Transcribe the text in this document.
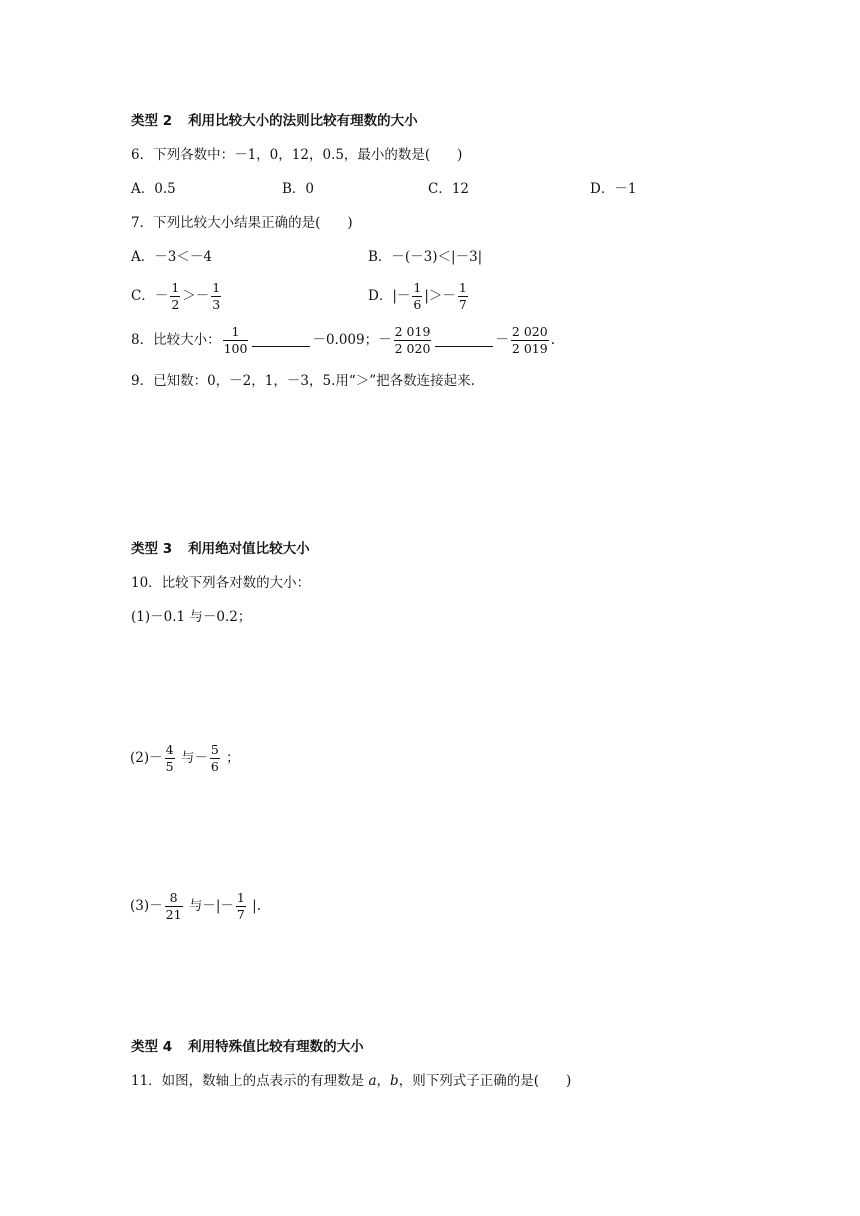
类型 2 利用比较大小的法则比较有理数的大小
6．下列各数中：－1，0，12，0.5，最小的数是(　　)
A．0.5	B．0	C．12	D．－1
7．下列比较大小结果正确的是(　　)
A．－3＜－4	B．－(－3)＜|－3|
C．－ $\frac{1}{2} >- \frac{1}{3}$	D．|－ $\frac{1}{6}$ |＞－ $\frac{1}{7}$
8．比较大小： $\frac{1}{100}$	－0.009；－ $\frac{2 019}{2 020}$	－ $\frac{2 020}{2 019}$ .
9．已知数：0，－2，1，－3，5.用“＞”把各数连接起来.
类型 3 利用绝对值比较大小
10．比较下列各对数的大小：
(1)－0.1 与－0.2；
$(2)- \frac{4}{5}$ 与－ $\frac{5}{6}$ ；
$(3)- \frac{8}{21}$ 与－|－ $\frac{1}{7}$ |.
类型 4 利用特殊值比较有理数的大小
11．如图，数轴上的点表示的有理数是 a，b，则下列式子正确的是(　　)
